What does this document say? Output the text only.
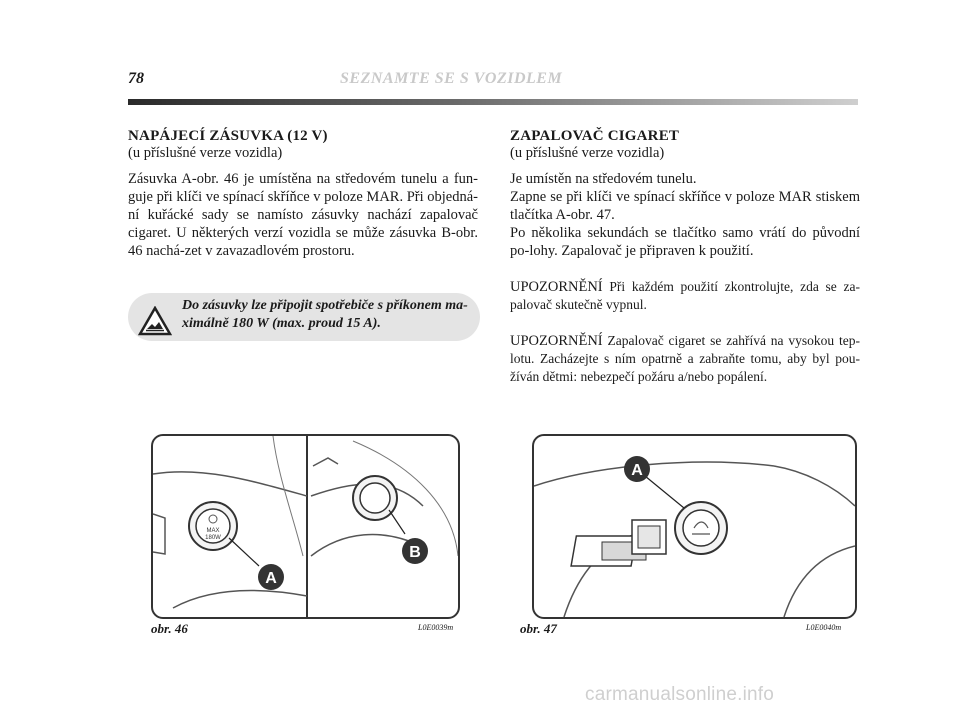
78	SEZNAMTE SE S VOZIDLEM
NAPÁJECÍ ZÁSUVKA (12 V)
(u příslušné verze vozidla)
Zásuvka A-obr. 46 je umístěna na středovém tunelu a fun-guje při klíči ve spínací skříňce v poloze MAR. Při objedná-ní kuřácké sady se namísto zásuvky nachází zapalovač cigaret. U některých verzí vozidla se může zásuvka B-obr. 46 nachá-zet v zavazadlovém prostoru.
Do zásuvky lze připojit spotřebiče s příkonem ma-ximálně 180 W (max. proud 15 A).
ZAPALOVAČ CIGARET
(u příslušné verze vozidla)

Je umístěn na středovém tunelu.

Zapne se při klíči ve spínací skříňce v poloze MAR stiskem tlačítka A-obr. 47.

Po několika sekundách se tlačítko samo vrátí do původní po-lohy. Zapalovač je připraven k použití.

UPOZORNĚNÍ Při každém použití zkontrolujte, zda se za-palovač skutečně vypnul.

UPOZORNĚNÍ Zapalovač cigaret se zahřívá na vysokou tep-lotu. Zacházejte s ním opatrně a zabraňte tomu, aby byl pou-žíván dětmi: nebezpečí požáru a/nebo popálení.

MAX
180W
A
B
obr. 46	L0E0039m
A
obr. 47	L0E0040m
carmanualsonline.info
